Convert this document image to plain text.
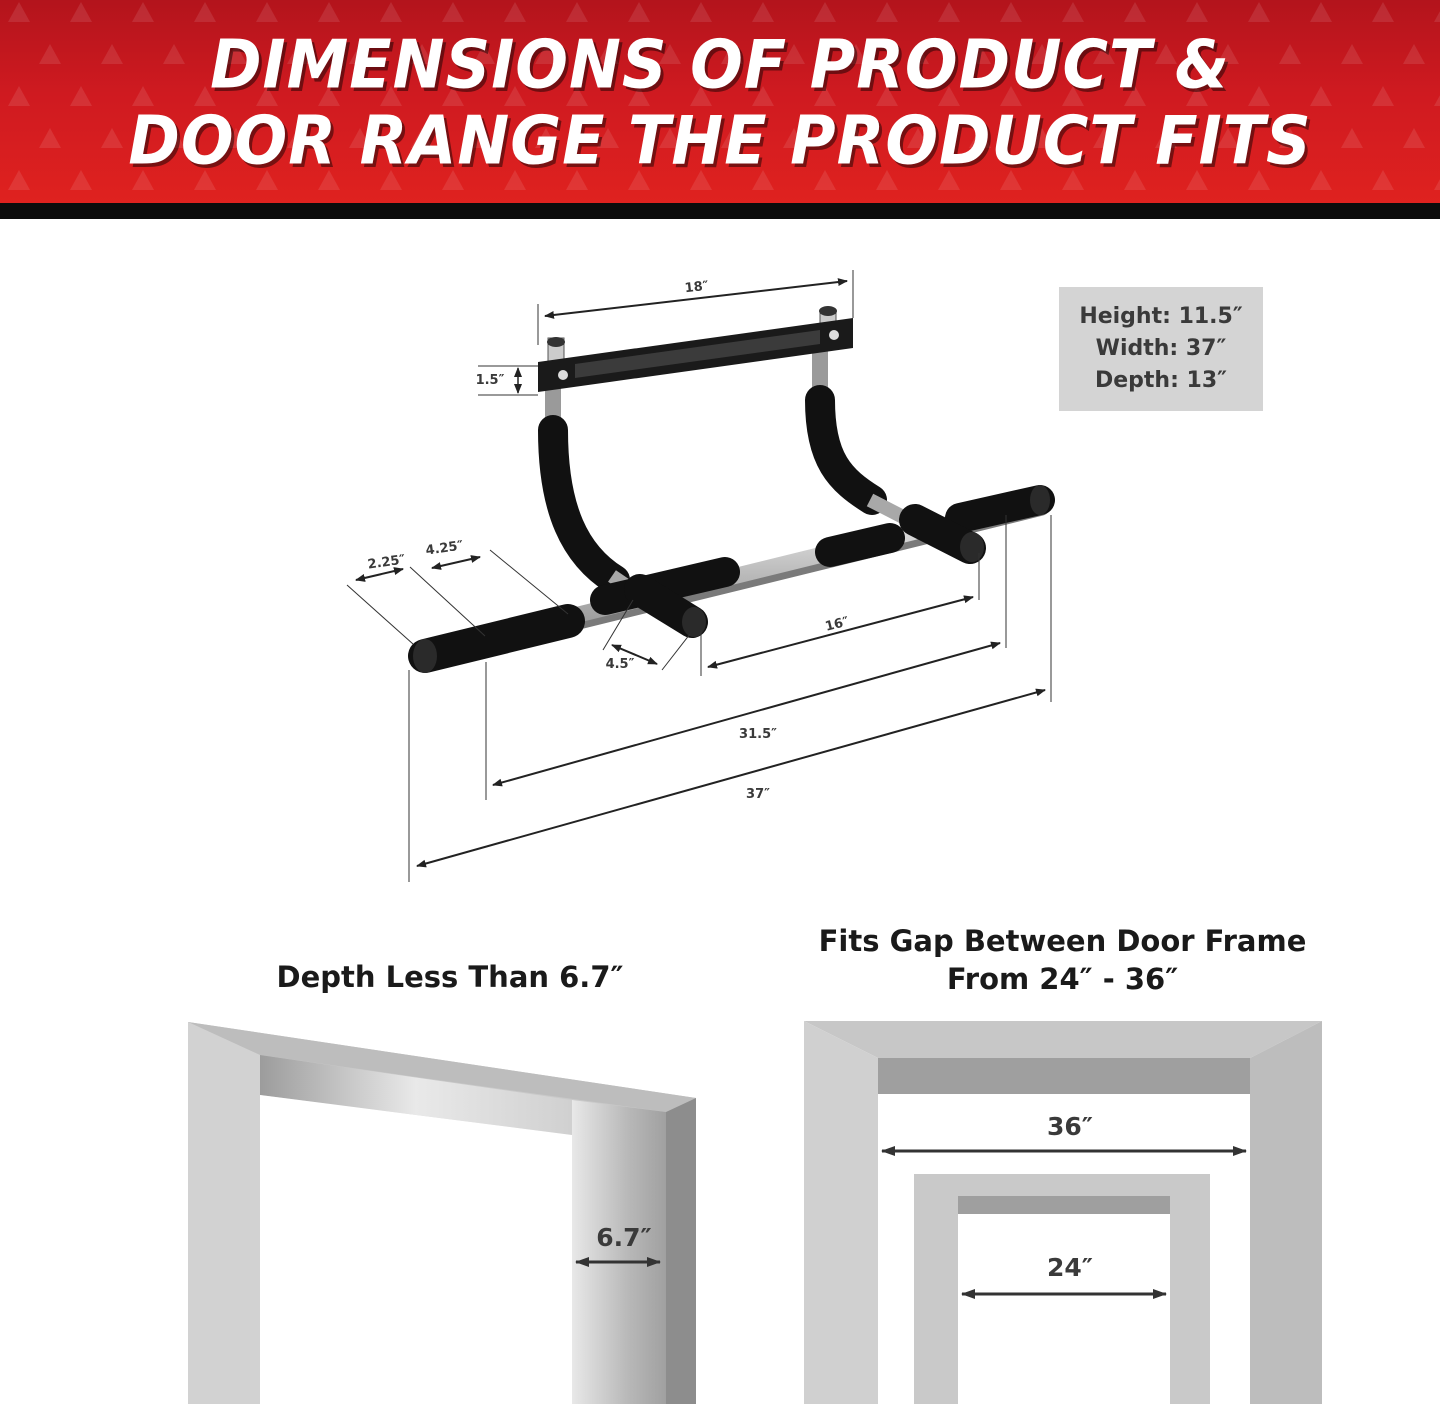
DIMENSIONS OF PRODUCT &
DOOR RANGE THE PRODUCT FITS
18″
1.5″
2.25″
4.25″
4.5″
16″
31.5″
37″
Height: 11.5″
Width: 37″
Depth: 13″
Depth Less Than 6.7″
Fits Gap Between Door Frame
From 24″ - 36″
6.7″
36″
24″
